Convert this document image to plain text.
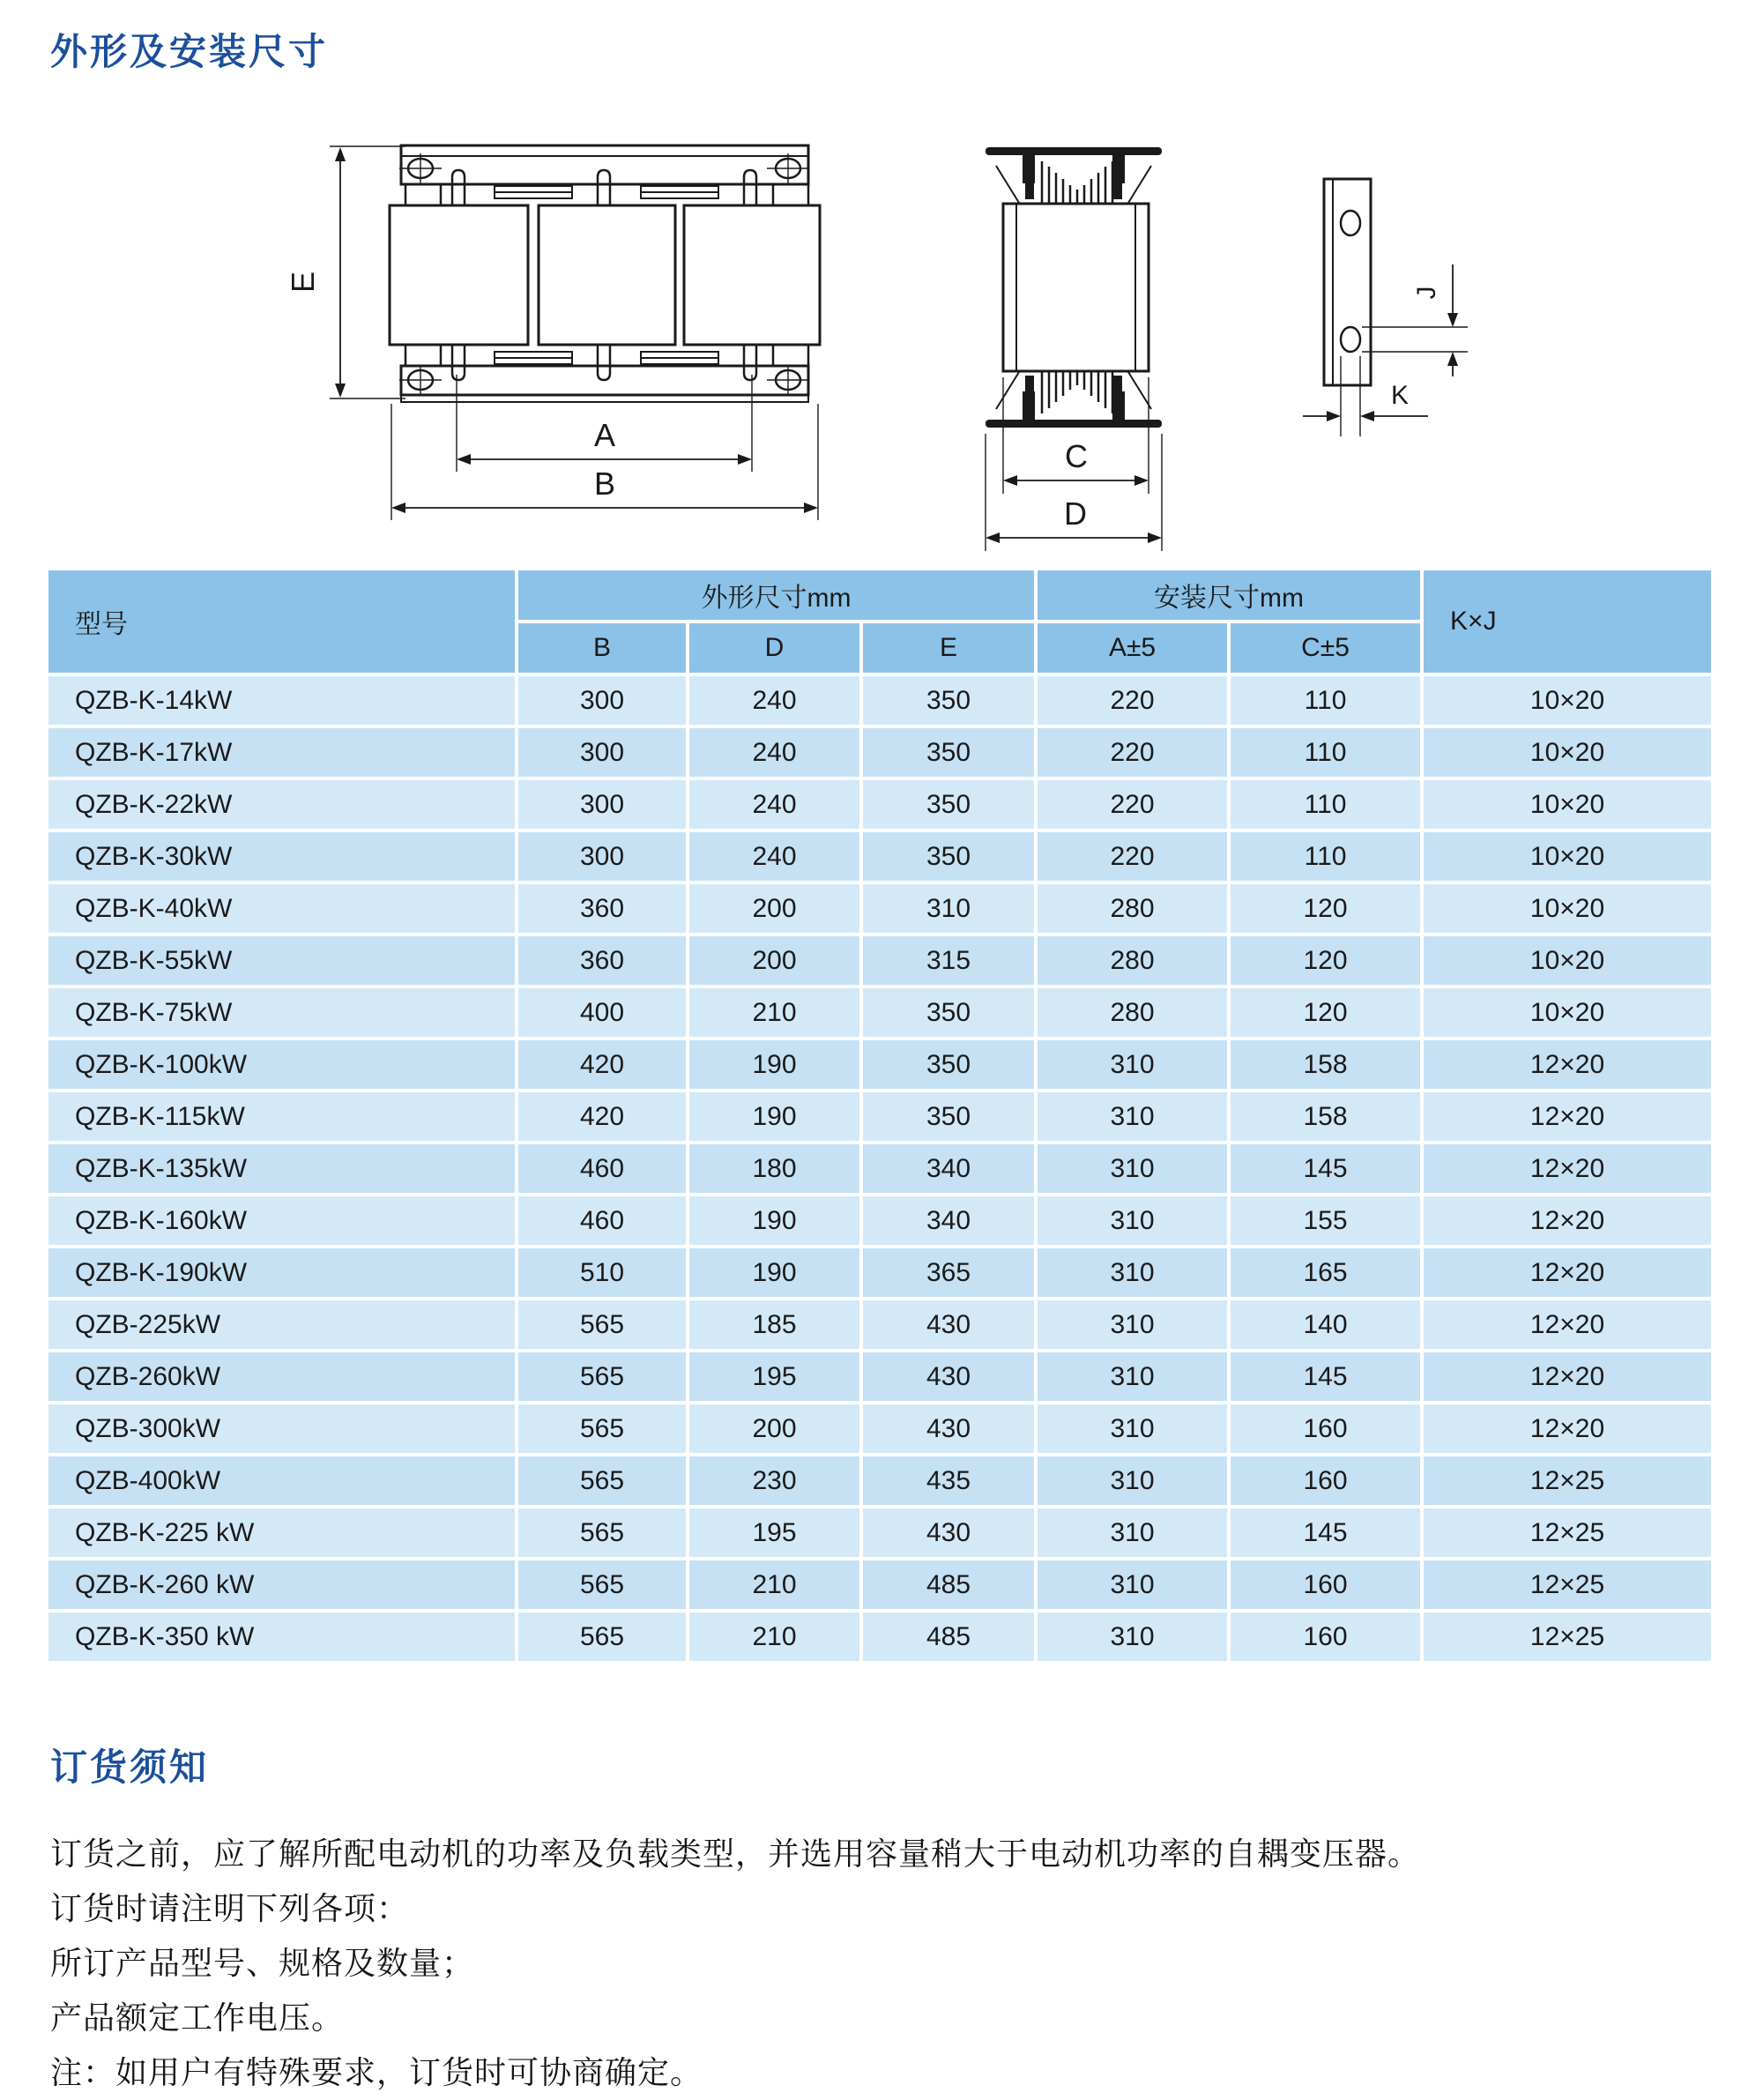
外形及安装尺寸
E
A
B
C
D
J
K
型号	外形尺寸mm			安装尺寸mm		K×J
	B	D	E	A±5	C±5	
QZB-K-14kW	300	240	350	220	110	10×20
QZB-K-17kW	300	240	350	220	110	10×20
QZB-K-22kW	300	240	350	220	110	10×20
QZB-K-30kW	300	240	350	220	110	10×20
QZB-K-40kW	360	200	310	280	120	10×20
QZB-K-55kW	360	200	315	280	120	10×20
QZB-K-75kW	400	210	350	280	120	10×20
QZB-K-100kW	420	190	350	310	158	12×20
QZB-K-115kW	420	190	350	310	158	12×20
QZB-K-135kW	460	180	340	310	145	12×20
QZB-K-160kW	460	190	340	310	155	12×20
QZB-K-190kW	510	190	365	310	165	12×20
QZB-225kW	565	185	430	310	140	12×20
QZB-260kW	565	195	430	310	145	12×20
QZB-300kW	565	200	430	310	160	12×20
QZB-400kW	565	230	435	310	160	12×25
QZB-K-225 kW	565	195	430	310	145	12×25
QZB-K-260 kW	565	210	485	310	160	12×25
QZB-K-350 kW	565	210	485	310	160	12×25
订货须知

订货之前，应了解所配电动机的功率及负载类型，并选用容量稍大于电动机功率的自耦变压器。

订货时请注明下列各项：

所订产品型号、规格及数量；

产品额定工作电压。

注：如用户有特殊要求，订货时可协商确定。
